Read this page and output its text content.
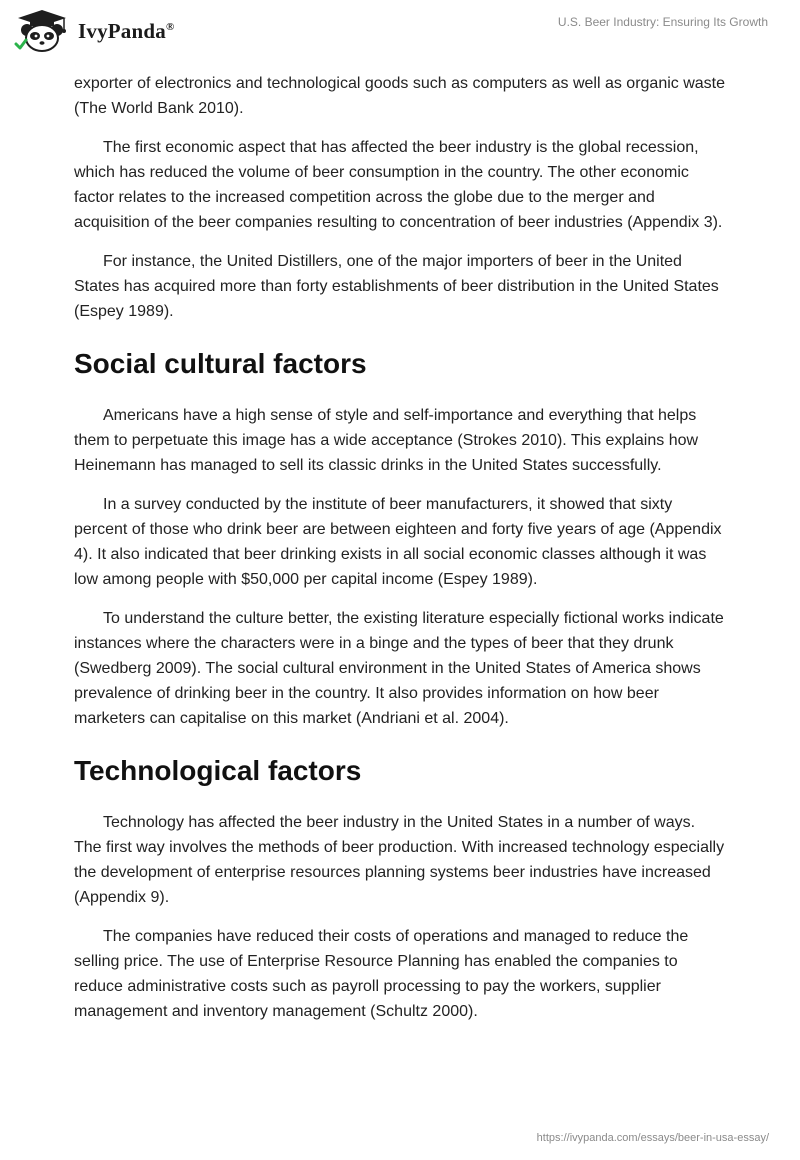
IvyPanda®	U.S. Beer Industry: Ensuring Its Growth

exporter of electronics and technological goods such as computers as well as organic waste (The World Bank 2010).

The first economic aspect that has affected the beer industry is the global recession, which has reduced the volume of beer consumption in the country. The other economic factor relates to the increased competition across the globe due to the merger and acquisition of the beer companies resulting to concentration of beer industries (Appendix 3).

For instance, the United Distillers, one of the major importers of beer in the United States has acquired more than forty establishments of beer distribution in the United States (Espey 1989).

Social cultural factors

Americans have a high sense of style and self-importance and everything that helps them to perpetuate this image has a wide acceptance (Strokes 2010). This explains how Heinemann has managed to sell its classic drinks in the United States successfully.

In a survey conducted by the institute of beer manufacturers, it showed that sixty percent of those who drink beer are between eighteen and forty five years of age (Appendix 4). It also indicated that beer drinking exists in all social economic classes although it was low among people with $50,000 per capital income (Espey 1989).

To understand the culture better, the existing literature especially fictional works indicate instances where the characters were in a binge and the types of beer that they drunk (Swedberg 2009). The social cultural environment in the United States of America shows prevalence of drinking beer in the country. It also provides information on how beer marketers can capitalise on this market (Andriani et al. 2004).

Technological factors

Technology has affected the beer industry in the United States in a number of ways. The first way involves the methods of beer production. With increased technology especially the development of enterprise resources planning systems beer industries have increased (Appendix 9).

The companies have reduced their costs of operations and managed to reduce the selling price. The use of Enterprise Resource Planning has enabled the companies to reduce administrative costs such as payroll processing to pay the workers, supplier management and inventory management (Schultz 2000).

https://ivypanda.com/essays/beer-in-usa-essay/
